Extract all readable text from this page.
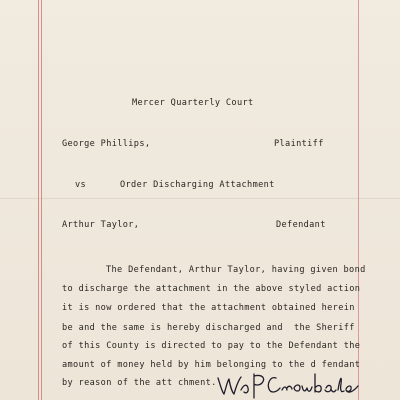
Mercer Quarterly Court

George Phillips,	Plaintiff

vs	Order Discharging Attachment

Arthur Taylor,	Defendant

The Defendant, Arthur Taylor, having given bond

to discharge the attachment in the above styled action

it is now ordered that the attachment obtained herein

be and the same is hereby discharged and  the Sheriff

of this County is directed to pay to the Defendant the

amount of money held by him belonging to the d fendant

by reason of the att chment.
